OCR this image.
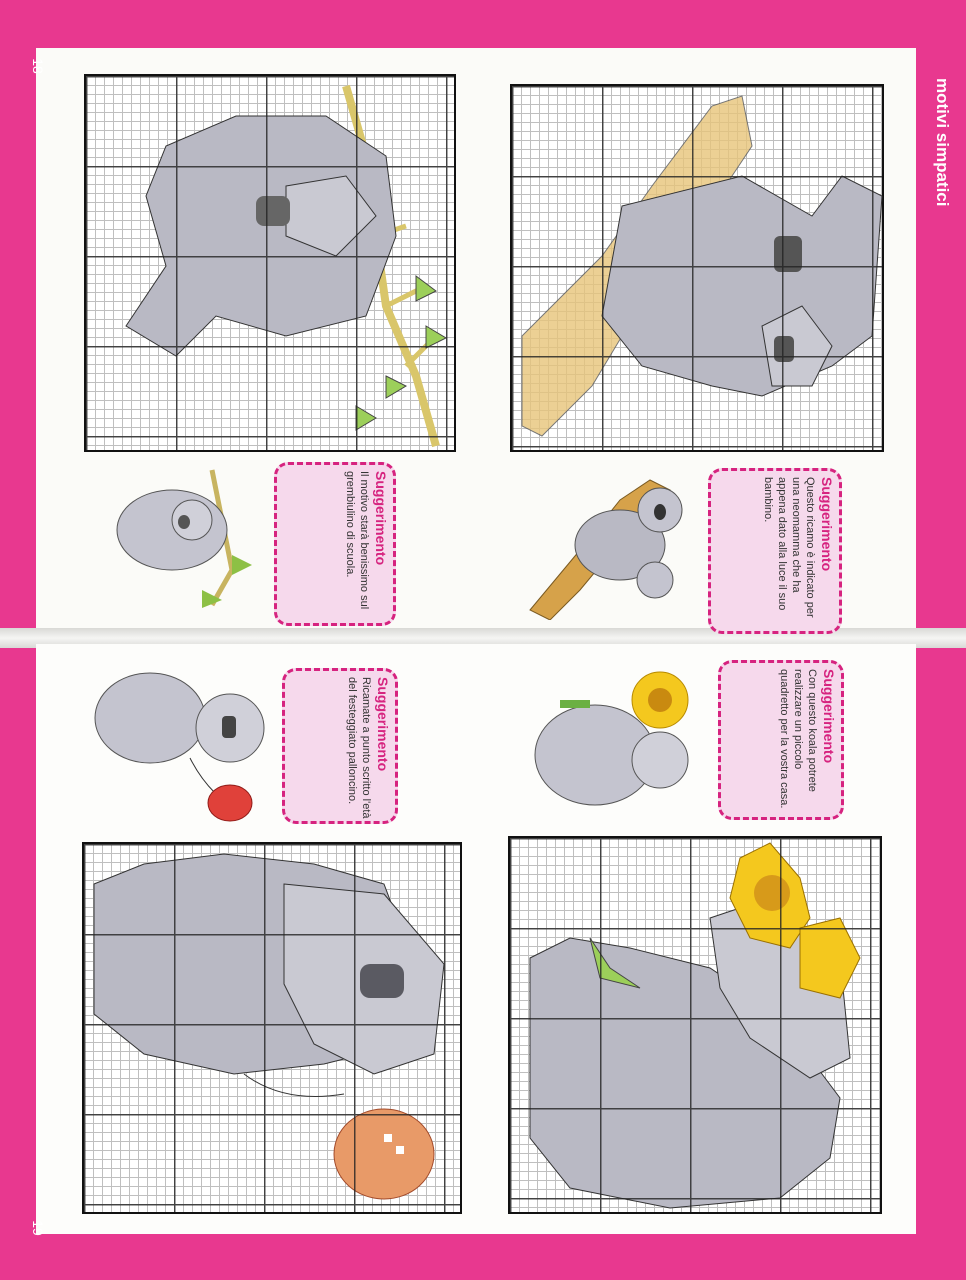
18
19
motivi simpatici
Suggerimento
Questo ricamo è indicato per una neomamma che ha appena dato alla luce il suo bambino.
Suggerimento
Il motivo starà benissimo sul grembiulino di scuola.
Suggerimento
Con questo koala potrete realizzare un piccolo quadretto per la vostra casa.
Suggerimento
Ricamate a punto scritto l'età del festeggiato palloncino.
